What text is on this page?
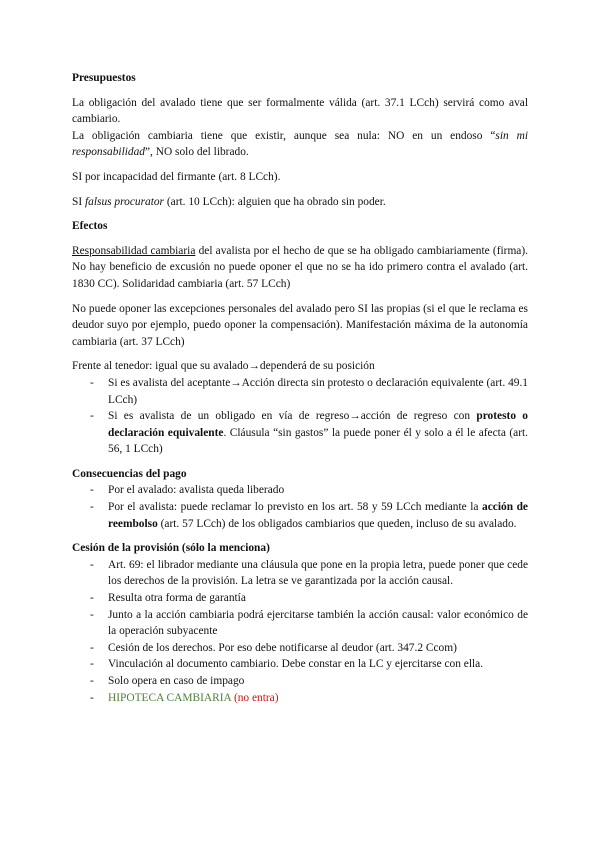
Presupuestos

La obligación del avalado tiene que ser formalmente válida (art. 37.1 LCch) servirá como aval cambiario.

La obligación cambiaria tiene que existir, aunque sea nula: NO en un endoso “sin mi responsabilidad”, NO solo del librado.

SI por incapacidad del firmante (art. 8 LCch).

SI falsus procurator (art. 10 LCch): alguien que ha obrado sin poder.

Efectos

Responsabilidad cambiaria del avalista por el hecho de que se ha obligado cambiariamente (firma). No hay beneficio de excusión no puede oponer el que no se ha ido primero contra el avalado (art. 1830 CC). Solidaridad cambiaria (art. 57 LCch)

No puede oponer las excepciones personales del avalado pero SI las propias (si el que le reclama es deudor suyo por ejemplo, puedo oponer la compensación). Manifestación máxima de la autonomía cambiaria (art. 37 LCch)

Frente al tenedor: igual que su avalado→dependerá de su posición

- Si es avalista del aceptante→Acción directa sin protesto o declaración equivalente (art. 49.1 LCch)
- Si es avalista de un obligado en vía de regreso→acción de regreso con protesto o declaración equivalente. Cláusula “sin gastos” la puede poner él y solo a él le afecta (art. 56, 1 LCch)

Consecuencias del pago

- Por el avalado: avalista queda liberado
- Por el avalista: puede reclamar lo previsto en los art. 58 y 59 LCch mediante la acción de reembolso (art. 57 LCch) de los obligados cambiarios que queden, incluso de su avalado.

Cesión de la provisión (sólo la menciona)

- Art. 69: el librador mediante una cláusula que pone en la propia letra, puede poner que cede los derechos de la provisión. La letra se ve garantizada por la acción causal.
- Resulta otra forma de garantía
- Junto a la acción cambiaria podrá ejercitarse también la acción causal: valor económico de la operación subyacente
- Cesión de los derechos. Por eso debe notificarse al deudor (art. 347.2 Ccom)
- Vinculación al documento cambiario. Debe constar en la LC y ejercitarse con ella.
- Solo opera en caso de impago
- HIPOTECA CAMBIARIA (no entra)
